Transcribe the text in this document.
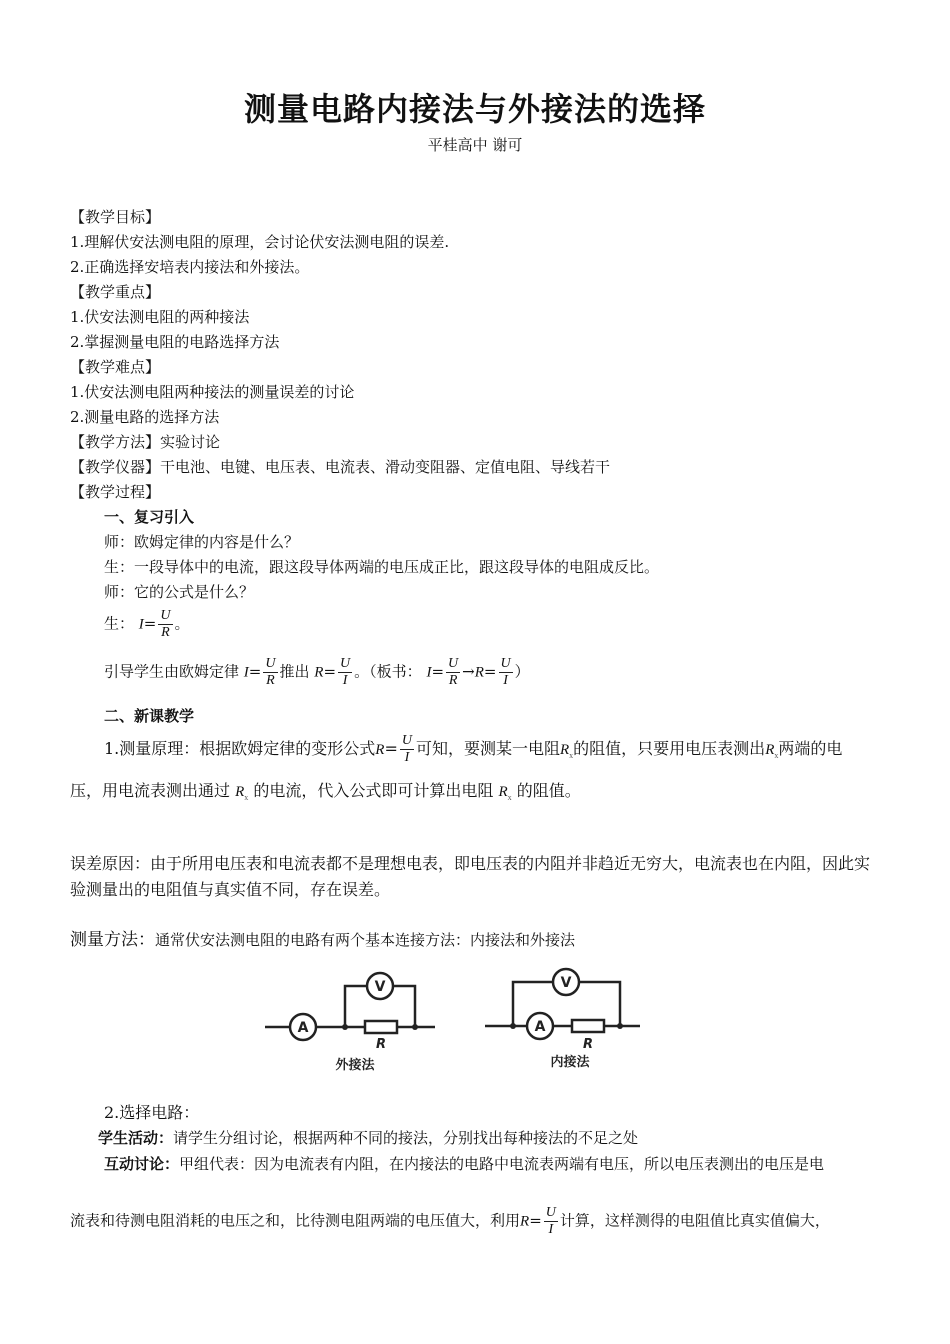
测量电路内接法与外接法的选择
平桂高中 谢可
【教学目标】
1.理解伏安法测电阻的原理，会讨论伏安法测电阻的误差.
2.正确选择安培表内接法和外接法。
【教学重点】
1.伏安法测电阻的两种接法
2.掌握测量电阻的电路选择方法
【教学难点】
1.伏安法测电阻两种接法的测量误差的讨论
2.测量电路的选择方法
【教学方法】实验讨论
【教学仪器】干电池、电键、电压表、电流表、滑动变阻器、定值电阻、导线若干
【教学过程】
一、复习引入
师：欧姆定律的内容是什么？
生：一段导体中的电流，跟这段导体两端的电压成正比，跟这段导体的电阻成反比。
师：它的公式是什么？
生： $I= \frac{U}{R}$ 。
引导学生由欧姆定律 $I= \frac{U}{R}$ 推出 $R= \frac{U}{I}$ 。（板书： $I= \frac{U}{R} \to R= \frac{U}{I}$ ）
二、新课教学
1.测量原理：根据欧姆定律的变形公式$R= \frac{U}{I}$ 可知，要测某一电阻$R_x$的阻值，只要用电压表测出$R_x$两端的电
压，用电流表测出通过 $R_x$ 的电流，代入公式即可计算出电阻 $R_x$ 的阻值。
误差原因：由于所用电压表和电流表都不是理想电表，即电压表的内阻并非趋近无穷大，电流表也在内阻，因此实
验测量出的电阻值与真实值不同，存在误差。
测量方法：通常伏安法测电阻的电路有两个基本连接方法：内接法和外接法
A
V
R
外接法
A
V
R
内接法
2.选择电路：
学生活动：请学生分组讨论，根据两种不同的接法，分别找出每种接法的不足之处
互动讨论：甲组代表：因为电流表有内阻，在内接法的电路中电流表两端有电压，所以电压表测出的电压是电
流表和待测电阻消耗的电压之和，比待测电阻两端的电压值大，利用$R= \frac{U}{I}$ 计算，这样测得的电阻值比真实值偏大，
